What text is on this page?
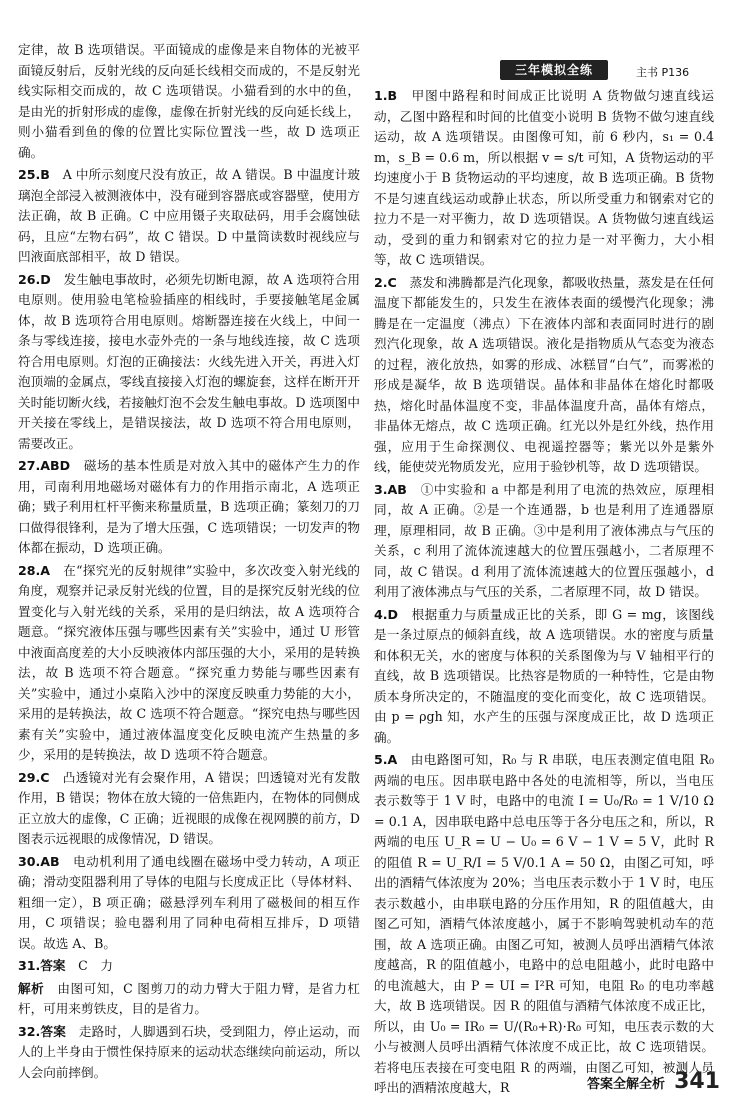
三年模拟全练	主书 P136

定律，故 B 选项错误。平面镜成的虚像是来自物体的光被平面镜反射后，反射光线的反向延长线相交而成的，不是反射光线实际相交而成的，故 C 选项错误。小猫看到的水中的鱼，是由光的折射形成的虚像，虚像在折射光线的反向延长线上，则小猫看到鱼的像的位置比实际位置浅一些，故 D 选项正确。

25.B　 A 中所示刻度尺没有放正，故 A 错误。B 中温度计玻璃泡全部浸入被测液体中，没有碰到容器底或容器壁，使用方法正确，故 B 正确。C 中应用镊子夹取砝码，用手会腐蚀砝码，且应“左物右码”，故 C 错误。D 中量筒读数时视线应与凹液面底部相平，故 D 错误。

26.D　 发生触电事故时，必须先切断电源，故 A 选项符合用电原则。使用验电笔检验插座的相线时，手要接触笔尾金属体，故 B 选项符合用电原则。熔断器连接在火线上，中间一条与零线连接，接电水壶外壳的一条与地线连接，故 C 选项符合用电原则。灯泡的正确接法：火线先进入开关，再进入灯泡顶端的金属点，零线直接接入灯泡的螺旋套，这样在断开开关时能切断火线，若接触灯泡不会发生触电事故。D 选项图中开关接在零线上，是错误接法，故 D 选项不符合用电原则，需要改正。

27.ABD　 磁场的基本性质是对放入其中的磁体产生力的作用，司南利用地磁场对磁体有力的作用指示南北，A 选项正确；戥子利用杠杆平衡来称量质量，B 选项正确；篆刻刀的刀口做得很锋利，是为了增大压强，C 选项错误；一切发声的物体都在振动，D 选项正确。

28.A　 在“探究光的反射规律”实验中，多次改变入射光线的角度，观察并记录反射光线的位置，目的是探究反射光线的位置变化与入射光线的关系，采用的是归纳法，故 A 选项符合题意。“探究液体压强与哪些因素有关”实验中，通过 U 形管中液面高度差的大小反映液体内部压强的大小，采用的是转换法，故 B 选项不符合题意。“探究重力势能与哪些因素有关”实验中，通过小桌陷入沙中的深度反映重力势能的大小，采用的是转换法，故 C 选项不符合题意。“探究电热与哪些因素有关”实验中，通过液体温度变化反映电流产生热量的多少，采用的是转换法，故 D 选项不符合题意。

29.C　 凸透镜对光有会聚作用，A 错误；凹透镜对光有发散作用，B 错误；物体在放大镜的一倍焦距内，在物体的同侧成正立放大的虚像，C 正确；近视眼的成像在视网膜的前方，D 图表示远视眼的成像情况，D 错误。

30.AB　 电动机利用了通电线圈在磁场中受力转动，A 项正确；滑动变阻器利用了导体的电阻与长度成正比（导体材料、粗细一定），B 项正确；磁悬浮列车利用了磁极间的相互作用，C 项错误；验电器利用了同种电荷相互排斥，D 项错误。故选 A、B。

31.答案　 C　力

解析　 由图可知，C 图剪刀的动力臂大于阻力臂，是省力杠杆，可用来剪铁皮，目的是省力。

32.答案　 走路时，人脚遇到石块，受到阻力，停止运动，而人的上半身由于惯性保持原来的运动状态继续向前运动，所以人会向前摔倒。

1.B　 甲图中路程和时间成正比说明 A 货物做匀速直线运动，乙图中路程和时间的比值变小说明 B 货物不做匀速直线运动，故 A 选项错误。由图像可知，前 6 秒内，s₁ = 0.4 m，s_B = 0.6 m，所以根据 v = s/t 可知，A 货物运动的平均速度小于 B 货物运动的平均速度，故 B 选项正确。B 货物不是匀速直线运动或静止状态，所以所受重力和钢索对它的拉力不是一对平衡力，故 D 选项错误。A 货物做匀速直线运动，受到的重力和钢索对它的拉力是一对平衡力，大小相等，故 C 选项错误。

2.C　 蒸发和沸腾都是汽化现象，都吸收热量，蒸发是在任何温度下都能发生的，只发生在液体表面的缓慢汽化现象；沸腾是在一定温度（沸点）下在液体内部和表面同时进行的剧烈汽化现象，故 A 选项错误。液化是指物质从气态变为液态的过程，液化放热，如雾的形成、冰糕冒“白气”，而雾凇的形成是凝华，故 B 选项错误。晶体和非晶体在熔化时都吸热，熔化时晶体温度不变，非晶体温度升高，晶体有熔点，非晶体无熔点，故 C 选项正确。红光以外是红外线，热作用强，应用于生命探测仪、电视遥控器等；紫光以外是紫外线，能使荧光物质发光，应用于验钞机等，故 D 选项错误。

3.AB　 ①中实验和 a 中都是利用了电流的热效应，原理相同，故 A 正确。②是一个连通器，b 也是利用了连通器原理，原理相同，故 B 正确。③中是利用了液体沸点与气压的关系，c 利用了流体流速越大的位置压强越小，二者原理不同，故 C 错误。d 利用了流体流速越大的位置压强越小，d 利用了液体沸点与气压的关系，二者原理不同，故 D 错误。

4.D　 根据重力与质量成正比的关系，即 G = mg，该图线是一条过原点的倾斜直线，故 A 选项错误。水的密度与质量和体积无关，水的密度与体积的关系图像为与 V 轴相平行的直线，故 B 选项错误。比热容是物质的一种特性，它是由物质本身所决定的，不随温度的变化而变化，故 C 选项错误。由 p = ρgh 知，水产生的压强与深度成正比，故 D 选项正确。

5.A　 由电路图可知，R₀ 与 R 串联，电压表测定值电阻 R₀ 两端的电压。因串联电路中各处的电流相等，所以，当电压表示数等于 1 V 时，电路中的电流 I = U₀/R₀ = 1 V/10 Ω = 0.1 A，因串联电路中总电压等于各分电压之和，所以，R 两端的电压 U_R = U − U₀ = 6 V − 1 V = 5 V，此时 R 的阻值 R = U_R/I = 5 V/0.1 A = 50 Ω，由图乙可知，呼出的酒精气体浓度为 20%；当电压表示数小于 1 V 时，电压表示数越小，由串联电路的分压作用知，R 的阻值越大，由图乙可知，酒精气体浓度越小，属于不影响驾驶机动车的范围，故 A 选项正确。由图乙可知，被测人员呼出酒精气体浓度越高，R 的阻值越小，电路中的总电阻越小，此时电路中的电流越大，由 P = UI = I²R 可知，电阻 R₀ 的电功率越大，故 B 选项错误。因 R 的阻值与酒精气体浓度不成正比，所以，由 U₀ = IR₀ = U/(R₀+R)·R₀ 可知，电压表示数的大小与被测人员呼出酒精气体浓度不成正比，故 C 选项错误。若将电压表接在可变电阻 R 的两端，由图乙可知，被测人员呼出的酒精浓度越大，R	答案全解全析 341
